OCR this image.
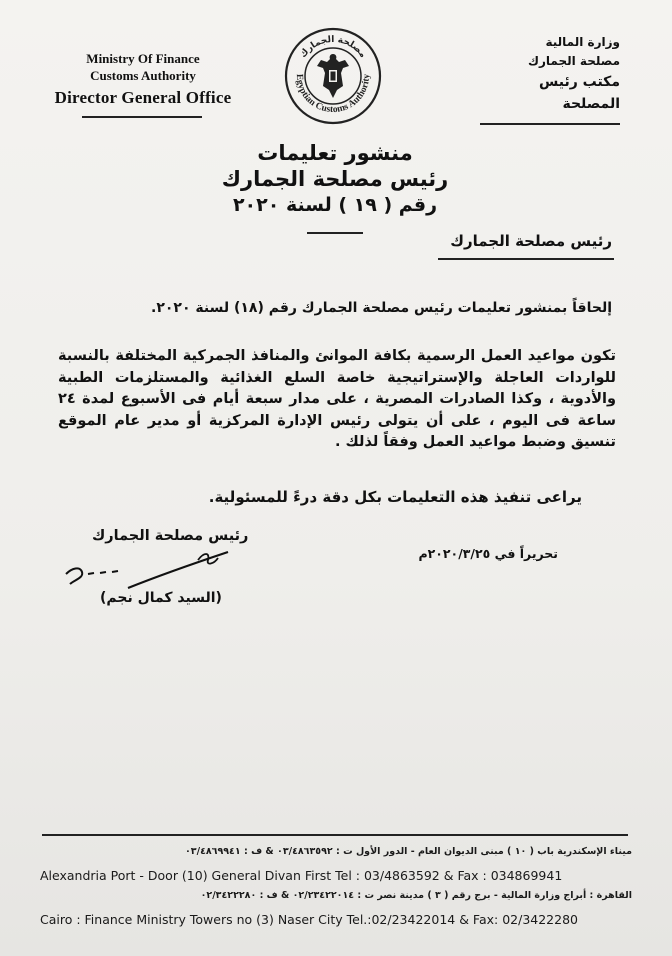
Ministry Of Finance
Customs Authority
Director General Office
Egyptian Customs Authority
مصلحة الجمارك
وزارة المالية
مصلحة الجمارك
مكتب رئيس المصلحة
منشور تعليمات
رئيس مصلحة الجمارك
رقم ( ١٩ ) لسنة ٢٠٢٠
رئيس مصلحة الجمارك
إلحاقاً بمنشور تعليمات رئيس مصلحة الجمارك رقم (١٨) لسنة ٢٠٢٠.
تكون مواعيد العمل الرسمية بكافة الموانئ والمنافذ الجمركية المختلفة بالنسبة للواردات العاجلة والإستراتيجية خاصة السلع الغذائية والمستلزمات الطبية والأدوية ، وكذا الصادرات المصرية ، على مدار سبعة أيام فى الأسبوع لمدة ٢٤ ساعة فى اليوم ، على أن يتولى رئيس الإدارة المركزية أو مدير عام الموقع تنسيق وضبط مواعيد العمل وفقاً لذلك .
يراعى تنفيذ هذه التعليمات بكل دقة درءً للمسئولية.
رئيس مصلحة الجمارك
(السيد كمال نجم)
تحريراً في ٢٠٢٠/٣/٢٥م
ميناء الإسكندرية باب ( ١٠ ) مبنى الديوان العام - الدور الأول ت : ٠٣/٤٨٦٣٥٩٢ & ف : ٠٣/٤٨٦٩٩٤١
Alexandria Port - Door (10) General Divan First Tel : 03/4863592 & Fax : 034869941
القاهرة : أبراج وزارة المالية - برج رقم ( ٣ ) مدينة نصر ت : ٠٢/٢٣٤٢٢٠١٤ & ف : ٠٢/٣٤٢٢٢٨٠
Cairo : Finance Ministry Towers no (3) Naser City Tel.:02/23422014 & Fax: 02/3422280
